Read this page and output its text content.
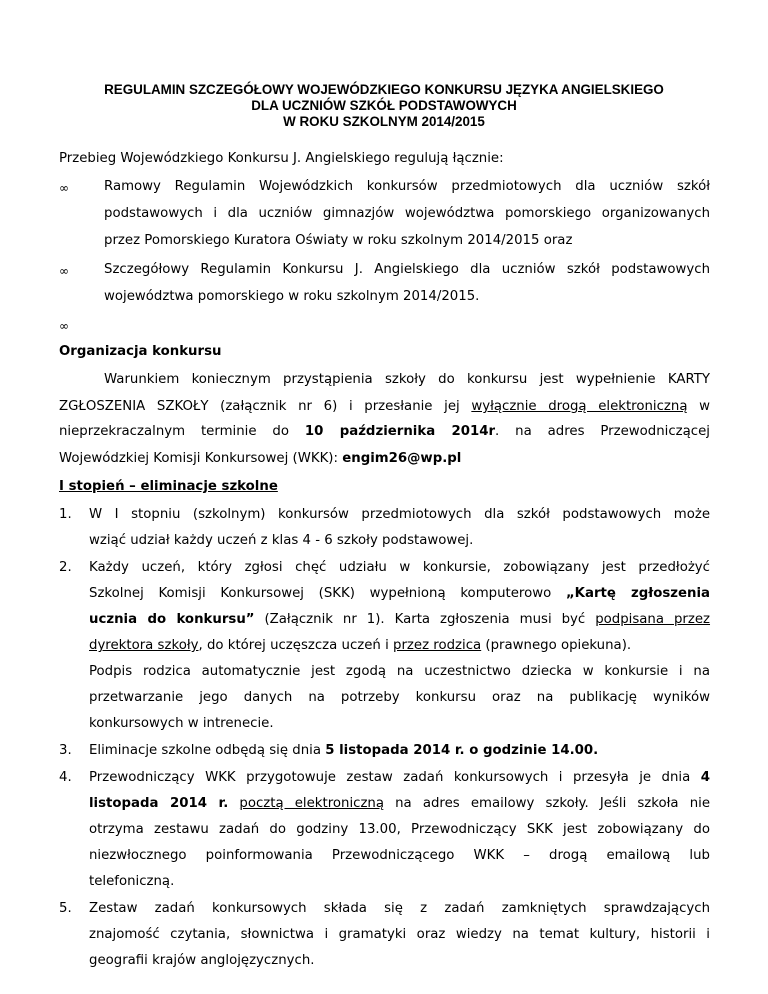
REGULAMIN SZCZEGÓŁOWY WOJEWÓDZKIEGO KONKURSU JĘZYKA ANGIELSKIEGO
DLA UCZNIÓW SZKÓŁ PODSTAWOWYCH
W ROKU SZKOLNYM 2014/2015
Przebieg Wojewódzkiego Konkursu J. Angielskiego regulują łącznie:
∞	Ramowy Regulamin Wojewódzkich konkursów przedmiotowych dla uczniów szkół
podstawowych i dla uczniów gimnazjów województwa pomorskiego organizowanych
przez Pomorskiego Kuratora Oświaty w roku szkolnym 2014/2015 oraz
∞	Szczegółowy Regulamin Konkursu J. Angielskiego dla uczniów szkół podstawowych
województwa pomorskiego w roku szkolnym 2014/2015.
∞
Organizacja konkursu
Warunkiem koniecznym przystąpienia szkoły do konkursu jest wypełnienie KARTY
ZGŁOSZENIA SZKOŁY (załącznik nr 6) i przesłanie jej wyłącznie drogą elektroniczną w
nieprzekraczalnym terminie do 10 października 2014r. na adres Przewodniczącej
Wojewódzkiej Komisji Konkursowej (WKK): engim26@wp.pl
I stopień – eliminacje szkolne
1. W I stopniu (szkolnym) konkursów przedmiotowych dla szkół podstawowych może
wziąć udział każdy uczeń z klas 4 - 6 szkoły podstawowej.
2. Każdy uczeń, który zgłosi chęć udziału w konkursie, zobowiązany jest przedłożyć
Szkolnej Komisji Konkursowej (SKK) wypełnioną komputerowo „Kartę zgłoszenia
ucznia do konkursu” (Załącznik nr 1). Karta zgłoszenia musi być podpisana przez
dyrektora szkoły, do której uczęszcza uczeń i przez rodzica (prawnego opiekuna).
Podpis rodzica automatycznie jest zgodą na uczestnictwo dziecka w konkursie i na
przetwarzanie jego danych na potrzeby konkursu oraz na publikację wyników
konkursowych w intrenecie.
3. Eliminacje szkolne odbędą się dnia 5 listopada 2014 r. o godzinie 14.00.
4. Przewodniczący WKK przygotowuje zestaw zadań konkursowych i przesyła je dnia 4
listopada 2014 r. pocztą elektroniczną na adres emailowy szkoły. Jeśli szkoła nie
otrzyma zestawu zadań do godziny 13.00, Przewodniczący SKK jest zobowiązany do
niezwłocznego poinformowania Przewodniczącego WKK – drogą emailową lub
telefoniczną.
5. Zestaw zadań konkursowych składa się z zadań zamkniętych sprawdzających
znajomość czytania, słownictwa i gramatyki oraz wiedzy na temat kultury, historii i
geografii krajów anglojęzycznych.
